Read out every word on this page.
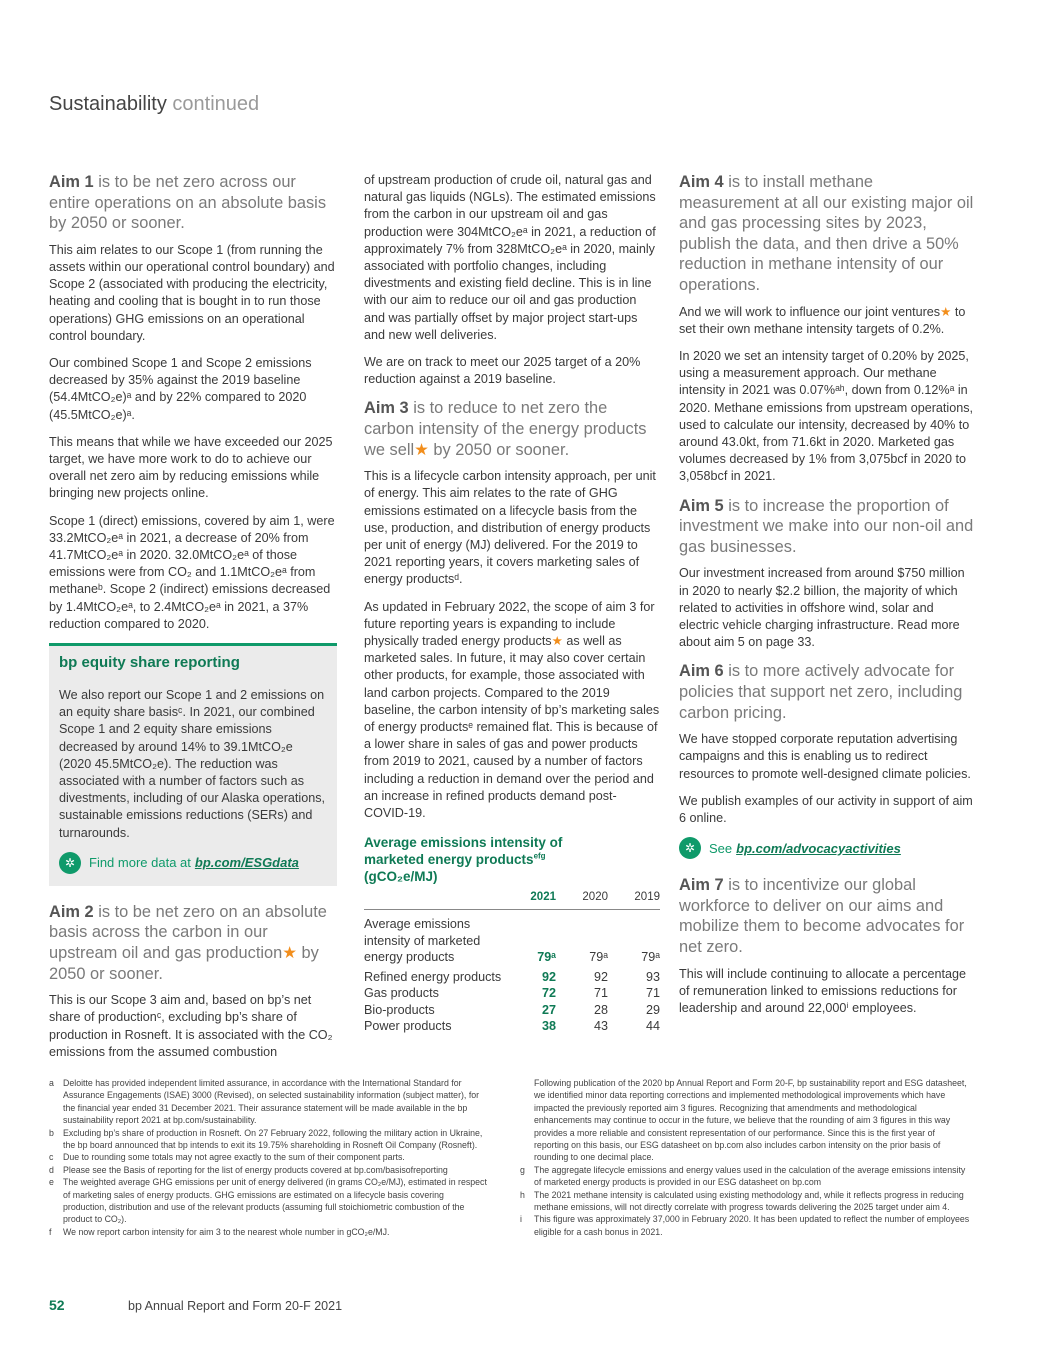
Sustainability continued
Aim 1 is to be net zero across our entire operations on an absolute basis by 2050 or sooner.

This aim relates to our Scope 1 (from running the assets within our operational control boundary) and Scope 2 (associated with producing the electricity, heating and cooling that is bought in to run those operations) GHG emissions on an operational control boundary.

Our combined Scope 1 and Scope 2 emissions decreased by 35% against the 2019 baseline (54.4MtCO₂e)ᵃ and by 22% compared to 2020 (45.5MtCO₂e)ᵃ.

This means that while we have exceeded our 2025 target, we have more work to do to achieve our overall net zero aim by reducing emissions while bringing new projects online.

Scope 1 (direct) emissions, covered by aim 1, were 33.2MtCO₂eᵃ in 2021, a decrease of 20% from 41.7MtCO₂eᵃ in 2020. 32.0MtCO₂eᵃ of those emissions were from CO₂ and 1.1MtCO₂eᵃ from methaneᵇ. Scope 2 (indirect) emissions decreased by 1.4MtCO₂eᵃ, to 2.4MtCO₂eᵃ in 2021, a 37% reduction compared to 2020.

bp equity share reporting

We also report our Scope 1 and 2 emissions on an equity share basisᶜ. In 2021, our combined Scope 1 and 2 equity share emissions decreased by around 14% to 39.1MtCO₂e (2020 45.5MtCO₂e). The reduction was associated with a number of factors such as divestments, including of our Alaska operations, sustainable emissions reductions (SERs) and turnarounds.

✲	Find more data at bp.com/ESGdata
Aim 2 is to be net zero on an absolute basis across the carbon in our upstream oil and gas production★ by 2050 or sooner.

This is our Scope 3 aim and, based on bp’s net share of productionᶜ, excluding bp’s share of production in Rosneft. It is associated with the CO₂ emissions from the assumed combustion

of upstream production of crude oil, natural gas and natural gas liquids (NGLs). The estimated emissions from the carbon in our upstream oil and gas production were 304MtCO₂eᵃ in 2021, a reduction of approximately 7% from 328MtCO₂eᵃ in 2020, mainly associated with portfolio changes, including divestments and existing field decline. This is in line with our aim to reduce our oil and gas production and was partially offset by major project start-ups and new well deliveries.

We are on track to meet our 2025 target of a 20% reduction against a 2019 baseline.

Aim 3 is to reduce to net zero the carbon intensity of the energy products we sell★ by 2050 or sooner.

This is a lifecycle carbon intensity approach, per unit of energy. This aim relates to the rate of GHG emissions estimated on a lifecycle basis from the use, production, and distribution of energy products per unit of energy (MJ) delivered. For the 2019 to 2021 reporting years, it covers marketing sales of energy productsᵈ.

As updated in February 2022, the scope of aim 3 for future reporting years is expanding to include physically traded energy products★ as well as marketed sales. In future, it may also cover certain other products, for example, those associated with land carbon projects. Compared to the 2019 baseline, the carbon intensity of bp’s marketing sales of energy productsᵉ remained flat. This is because of a lower share in sales of gas and power products from 2019 to 2021, caused by a number of factors including a reduction in demand over the period and an increase in refined products demand post-COVID-19.

Average emissions intensity of
marketed energy products$^{efg}$
(gCO₂e/MJ)
	2021	2020	2019
Average emissions intensity of marketed energy products	79ᵃ	79ᵃ	79ᵃ
Refined energy products	92	92	93
Gas products	72	71	71
Bio-products	27	28	29
Power products	38	43	44
Aim 4 is to install methane measurement at all our existing major oil and gas processing sites by 2023, publish the data, and then drive a 50% reduction in methane intensity of our operations.

And we will work to influence our joint ventures★ to set their own methane intensity targets of 0.2%.

In 2020 we set an intensity target of 0.20% by 2025, using a measurement approach. Our methane intensity in 2021 was 0.07%ᵃʰ, down from 0.12%ᵃ in 2020. Methane emissions from upstream operations, used to calculate our intensity, decreased by 40% to around 43.0kt, from 71.6kt in 2020. Marketed gas volumes decreased by 1% from 3,075bcf in 2020 to 3,058bcf in 2021.

Aim 5 is to increase the proportion of investment we make into our non-oil and gas businesses.

Our investment increased from around $750 million in 2020 to nearly $2.2 billion, the majority of which related to activities in offshore wind, solar and electric vehicle charging infrastructure. Read more about aim 5 on page 33.

Aim 6 is to more actively advocate for policies that support net zero, including carbon pricing.

We have stopped corporate reputation advertising campaigns and this is enabling us to redirect resources to promote well-designed climate policies.

We publish examples of our activity in support of aim 6 online.

✲	See bp.com/advocacyactivities
Aim 7 is to incentivize our global workforce to deliver on our aims and mobilize them to become advocates for net zero.

This will include continuing to allocate a percentage of remuneration linked to emissions reductions for leadership and around 22,000ⁱ employees.

a	Deloitte has provided independent limited assurance, in accordance with the International Standard for Assurance Engagements (ISAE) 3000 (Revised), on selected sustainability information (subject matter), for the financial year ended 31 December 2021. Their assurance statement will be made available in the bp sustainability report 2021 at bp.com/sustainability.
b	Excluding bp’s share of production in Rosneft. On 27 February 2022, following the military action in Ukraine, the bp board announced that bp intends to exit its 19.75% shareholding in Rosneft Oil Company (Rosneft).
c	Due to rounding some totals may not agree exactly to the sum of their component parts.
d	Please see the Basis of reporting for the list of energy products covered at bp.com/basisofreporting
e	The weighted average GHG emissions per unit of energy delivered (in grams CO₂e/MJ), estimated in respect of marketing sales of energy products. GHG emissions are estimated on a lifecycle basis covering production, distribution and use of the relevant products (assuming full stoichiometric combustion of the product to CO₂).
f	We now report carbon intensity for aim 3 to the nearest whole number in gCO₂e/MJ.
Following publication of the 2020 bp Annual Report and Form 20-F, bp sustainability report and ESG datasheet, we identified minor data reporting corrections and implemented methodological improvements which have impacted the previously reported aim 3 figures. Recognizing that amendments and methodological enhancements may continue to occur in the future, we believe that the rounding of aim 3 figures in this way provides a more reliable and consistent representation of our performance. Since this is the first year of reporting on this basis, our ESG datasheet on bp.com also includes carbon intensity on the prior basis of rounding to one decimal place.
g	The aggregate lifecycle emissions and energy values used in the calculation of the average emissions intensity of marketed energy products is provided in our ESG datasheet on bp.com
h	The 2021 methane intensity is calculated using existing methodology and, while it reflects progress in reducing methane emissions, will not directly correlate with progress towards delivering the 2025 target under aim 4.
i	This figure was approximately 37,000 in February 2020. It has been updated to reflect the number of employees eligible for a cash bonus in 2021.
52	bp Annual Report and Form 20-F 2021
